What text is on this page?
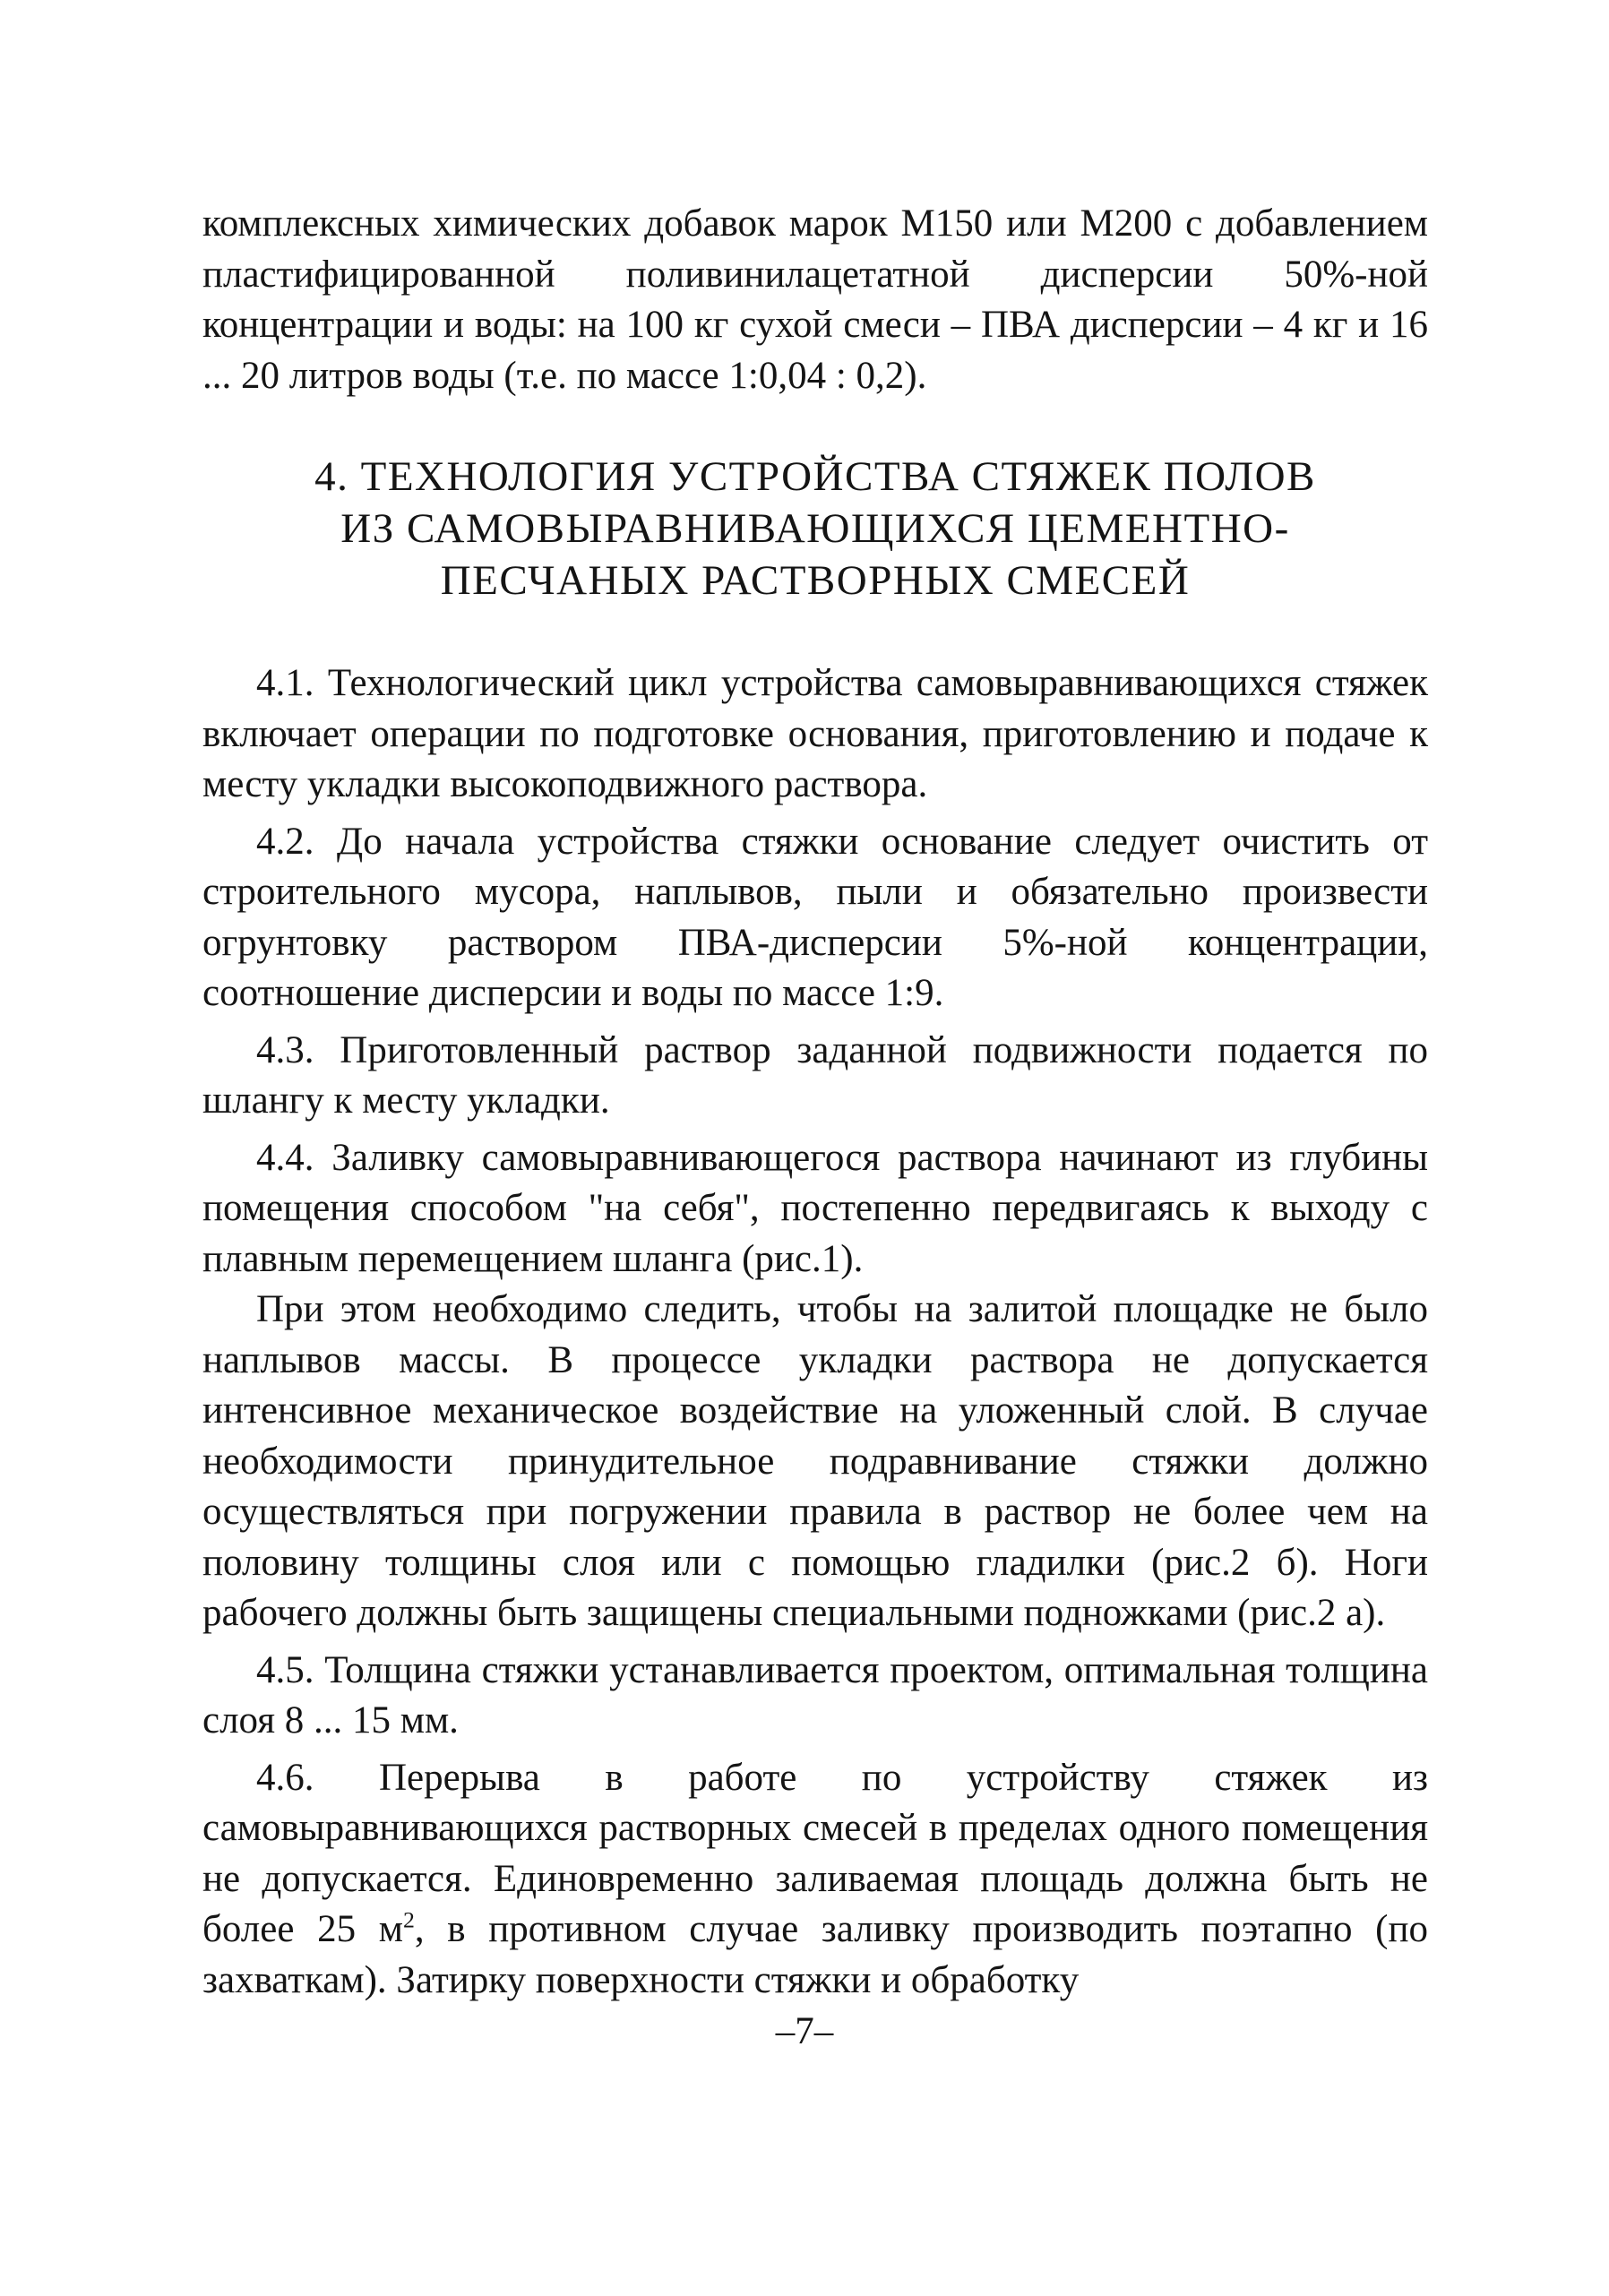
комплексных химических добавок марок М150 или М200 с добавлением пластифицированной поливинилацетатной дисперсии 50%-ной концентрации и воды: на 100 кг сухой смеси – ПВА дисперсии – 4 кг и 16 ... 20 литров воды (т.е. по массе 1:0,04 : 0,2).
4. ТЕХНОЛОГИЯ УСТРОЙСТВА СТЯЖЕК ПОЛОВ
ИЗ САМОВЫРАВНИВАЮЩИХСЯ ЦЕМЕНТНО-
ПЕСЧАНЫХ РАСТВОРНЫХ СМЕСЕЙ

4.1. Технологический цикл устройства самовыравнивающихся стяжек включает операции по подготовке основания, приготовлению и подаче к месту укладки высокоподвижного раствора.

4.2. До начала устройства стяжки основание следует очистить от строительного мусора, наплывов, пыли и обязательно произвести огрунтовку раствором ПВА-дисперсии 5%-ной концентрации, соотношение дисперсии и воды по массе 1:9.

4.3. Приготовленный раствор заданной подвижности подается по шлангу к месту укладки.

4.4. Заливку самовыравнивающегося раствора начинают из глубины помещения способом "на себя", постепенно передвигаясь к выходу с плавным перемещением шланга (рис.1).

При этом необходимо следить, чтобы на залитой площадке не было наплывов массы. В процессе укладки раствора не допускается интенсивное механическое воздействие на уложенный слой. В случае необходимости принудительное подравнивание стяжки должно осуществляться при погружении правила в раствор не более чем на половину толщины слоя или с помощью гладилки (рис.2 б). Ноги рабочего должны быть защищены специальными подножками (рис.2 а).

4.5. Толщина стяжки устанавливается проектом, оптимальная толщина слоя 8 ... 15 мм.

4.6. Перерыва в работе по устройству стяжек из самовыравнивающихся растворных смесей в пределах одного помещения не допускается. Единовременно заливаемая площадь должна быть не более 25 $м^2$, в противном случае заливку производить поэтапно (по захваткам). Затирку поверхности стяжки и обработку

–7–
